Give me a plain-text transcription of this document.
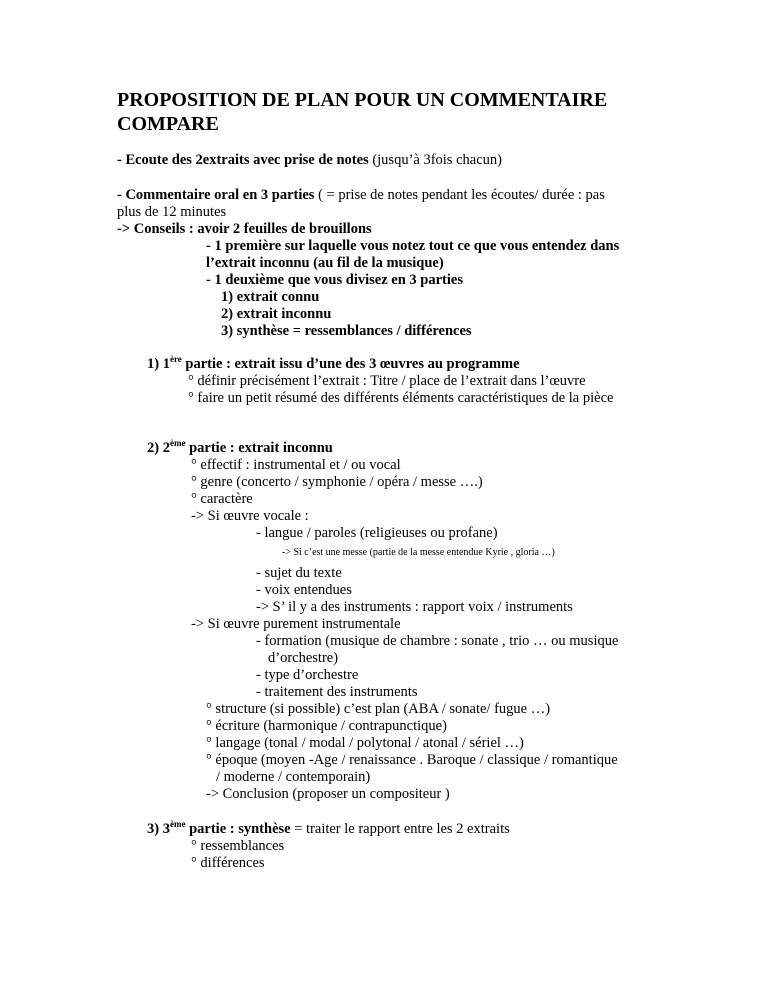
PROPOSITION DE PLAN POUR UN COMMENTAIRE COMPARE
- Ecoute des 2extraits avec prise de notes (jusqu’à 3fois chacun)
- Commentaire oral en 3 parties ( = prise de notes pendant les écoutes/ durée : pas
plus de 12 minutes
-> Conseils : avoir 2 feuilles de brouillons
- 1 première sur laquelle vous notez tout ce que vous entendez dans
l’extrait inconnu (au fil de la musique)
- 1 deuxième que vous divisez en 3 parties
1) extrait connu
2) extrait inconnu
3) synthèse = ressemblances / différences
1) 1ère partie : extrait issu d’une des 3 œuvres au programme
° définir précisément l’extrait : Titre / place de l’extrait dans l’œuvre
° faire un petit résumé des différents éléments caractéristiques de la pièce
2) 2ème partie : extrait inconnu
° effectif : instrumental et / ou vocal
° genre (concerto / symphonie / opéra / messe ….)
° caractère
-> Si œuvre vocale :
- langue / paroles (religieuses ou profane)
-> Si c’est une messe (partie de la messe entendue Kyrie , gloria …)
- sujet du texte
- voix entendues
-> S’ il y a des instruments : rapport voix / instruments
-> Si œuvre purement instrumentale
- formation (musique de chambre : sonate , trio … ou musique
d’orchestre)
- type d’orchestre
- traitement des instruments
° structure (si possible) c’est plan (ABA / sonate/ fugue …)
° écriture (harmonique / contrapunctique)
° langage (tonal / modal / polytonal / atonal / sériel …)
° époque (moyen -Age / renaissance . Baroque / classique / romantique
/ moderne / contemporain)
-> Conclusion (proposer un compositeur )
3) 3ème partie : synthèse = traiter le rapport entre les 2 extraits
° ressemblances
° différences
